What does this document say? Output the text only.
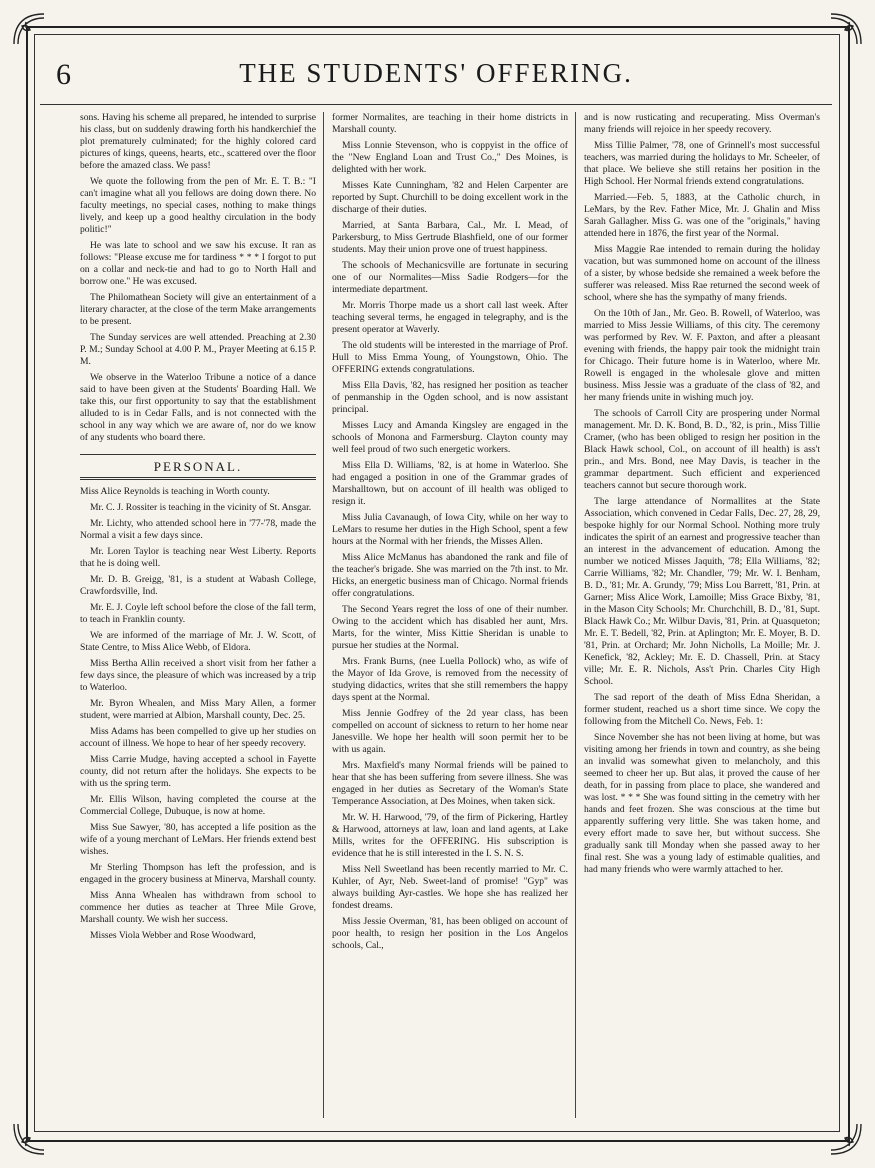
6	THE STUDENTS' OFFERING.

sons. Having his scheme all prepared, he intended to surprise his class, but on suddenly drawing forth his handkerchief the plot prematurely culminated; for the highly colored card pictures of kings, queens, hearts, etc., scattered over the floor before the amazed class. We pass!

We quote the following from the pen of Mr. E. T. B.: "I can't imagine what all you fellows are doing down there. No faculty meetings, no special cases, nothing to make things lively, and keep up a good healthy circulation in the body politic!"

He was late to school and we saw his excuse. It ran as follows: "Please excuse me for tardiness * * * I forgot to put on a collar and neck-tie and had to go to North Hall and borrow one." He was excused.

The Philomathean Society will give an entertainment of a literary character, at the close of the term Make arrangements to be present.

The Sunday services are well attended. Preaching at 2.30 P. M.; Sunday School at 4.00 P. M., Prayer Meeting at 6.15 P. M.

We observe in the Waterloo Tribune a notice of a dance said to have been given at the Students' Boarding Hall. We take this, our first opportunity to say that the establishment alluded to is in Cedar Falls, and is not connected with the school in any way which we are aware of, nor do we know of any students who board there.

PERSONAL.

Miss Alice Reynolds is teaching in Worth county.

Mr. C. J. Rossiter is teaching in the vicinity of St. Ansgar.

Mr. Lichty, who attended school here in '77-'78, made the Normal a visit a few days since.

Mr. Loren Taylor is teaching near West Liberty. Reports that he is doing well.

Mr. D. B. Greigg, '81, is a student at Wabash College, Crawfordsville, Ind.

Mr. E. J. Coyle left school before the close of the fall term, to teach in Franklin county.

We are informed of the marriage of Mr. J. W. Scott, of State Centre, to Miss Alice Webb, of Eldora.

Miss Bertha Allin received a short visit from her father a few days since, the pleasure of which was increased by a trip to Waterloo.

Mr. Byron Whealen, and Miss Mary Allen, a former student, were married at Albion, Marshall county, Dec. 25.

Miss Adams has been compelled to give up her studies on account of illness. We hope to hear of her speedy recovery.

Miss Carrie Mudge, having accepted a school in Fayette county, did not return after the holidays. She expects to be with us the spring term.

Mr. Ellis Wilson, having completed the course at the Commercial College, Dubuque, is now at home.

Miss Sue Sawyer, '80, has accepted a life position as the wife of a young merchant of LeMars. Her friends extend best wishes.

Mr Sterling Thompson has left the profession, and is engaged in the grocery business at Minerva, Marshall county.

Miss Anna Whealen has withdrawn from school to commence her duties as teacher at Three Mile Grove, Marshall county. We wish her success.

Misses Viola Webber and Rose Woodward,

former Normalites, are teaching in their home districts in Marshall county.

Miss Lonnie Stevenson, who is coppyist in the office of the "New England Loan and Trust Co.," Des Moines, is delighted with her work.

Misses Kate Cunningham, '82 and Helen Carpenter are reported by Supt. Churchill to be doing excellent work in the discharge of their duties.

Married, at Santa Barbara, Cal., Mr. L Mead, of Parkersburg, to Miss Gertrude Blashfield, one of our former students. May their union prove one of truest happiness.

The schools of Mechanicsville are fortunate in securing one of our Normalites—Miss Sadie Rodgers—for the intermediate department.

Mr. Morris Thorpe made us a short call last week. After teaching several terms, he engaged in telegraphy, and is the present operator at Waverly.

The old students will be interested in the marriage of Prof. Hull to Miss Emma Young, of Youngstown, Ohio. The OFFERING extends congratulations.

Miss Ella Davis, '82, has resigned her position as teacher of penmanship in the Ogden school, and is now assistant principal.

Misses Lucy and Amanda Kingsley are engaged in the schools of Monona and Farmersburg. Clayton county may well feel proud of two such energetic workers.

Miss Ella D. Williams, '82, is at home in Waterloo. She had engaged a position in one of the Grammar grades of Marshalltown, but on account of ill health was obliged to resign it.

Miss Julia Cavanaugh, of Iowa City, while on her way to LeMars to resume her duties in the High School, spent a few hours at the Normal with her friends, the Misses Allen.

Miss Alice McManus has abandoned the rank and file of the teacher's brigade. She was married on the 7th inst. to Mr. Hicks, an energetic business man of Chicago. Normal friends offer congratulations.

The Second Years regret the loss of one of their number. Owing to the accident which has disabled her aunt, Mrs. Marts, for the winter, Miss Kittie Sheridan is unable to pursue her studies at the Normal.

Mrs. Frank Burns, (nee Luella Pollock) who, as wife of the Mayor of Ida Grove, is removed from the necessity of studying didactics, writes that she still remembers the happy days spent at the Normal.

Miss Jennie Godfrey of the 2d year class, has been compelled on account of sickness to return to her home near Janesville. We hope her health will soon permit her to be with us again.

Mrs. Maxfield's many Normal friends will be pained to hear that she has been suffering from severe illness. She was engaged in her duties as Secretary of the Woman's State Temperance Association, at Des Moines, when taken sick.

Mr. W. H. Harwood, '79, of the firm of Pickering, Hartley & Harwood, attorneys at law, loan and land agents, at Lake Mills, writes for the OFFERING. His subscription is evidence that he is still interested in the I. S. N. S.

Miss Nell Sweetland has been recently married to Mr. C. Kuhler, of Ayr, Neb. Sweet-land of promise! "Gyp" was always building Ayr-castles. We hope she has realized her fondest dreams.

Miss Jessie Overman, '81, has been obliged on account of poor health, to resign her position in the Los Angelos schools, Cal.,

and is now rusticating and recuperating. Miss Overman's many friends will rejoice in her speedy recovery.

Miss Tillie Palmer, '78, one of Grinnell's most successful teachers, was married during the holidays to Mr. Scheeler, of that place. We believe she still retains her position in the High School. Her Normal friends extend congratulations.

Married.—Feb. 5, 1883, at the Catholic church, in LeMars, by the Rev. Father Mice, Mr. J. Ghalin and Miss Sarah Gallagher. Miss G. was one of the "originals," having attended here in 1876, the first year of the Normal.

Miss Maggie Rae intended to remain during the holiday vacation, but was summoned home on account of the illness of a sister, by whose bedside she remained a week before the sufferer was released. Miss Rae returned the second week of school, where she has the sympathy of many friends.

On the 10th of Jan., Mr. Geo. B. Rowell, of Waterloo, was married to Miss Jessie Williams, of this city. The ceremony was performed by Rev. W. F. Paxton, and after a pleasant evening with friends, the happy pair took the midnight train for Chicago. Their future home is in Waterloo, where Mr. Rowell is engaged in the wholesale glove and mitten business. Miss Jessie was a graduate of the class of '82, and her many friends unite in wishing much joy.

The schools of Carroll City are prospering under Normal management. Mr. D. K. Bond, B. D., '82, is prin., Miss Tillie Cramer, (who has been obliged to resign her position in the Black Hawk school, Col., on account of ill health) is ass't prin., and Mrs. Bond, nee May Davis, is teacher in the grammar department. Such efficient and experienced teachers cannot but secure thorough work.

The large attendance of Normallites at the State Association, which convened in Cedar Falls, Dec. 27, 28, 29, bespoke highly for our Normal School. Nothing more truly indicates the spirit of an earnest and progressive teacher than an interest in the advancement of education. Among the number we noticed Misses Jaquith, '78; Ella Williams, '82; Carrie Williams, '82; Mr. Chandler, '79; Mr. W. I. Benham, B. D., '81; Mr. A. Grundy, '79; Miss Lou Barrett, '81, Prin. at Garner; Miss Alice Work, Lamoille; Miss Grace Bixby, '81, in the Mason City Schools; Mr. Churchchill, B. D., '81, Supt. Black Hawk Co.; Mr. Wilbur Davis, '81, Prin. at Quasqueton; Mr. E. T. Bedell, '82, Prin. at Aplington; Mr. E. Moyer, B. D. '81, Prin. at Orchard; Mr. John Nicholls, La Moille; Mr. J. Kenefick, '82, Ackley; Mr. E. D. Chassell, Prin. at Stacy ville; Mr. E. R. Nichols, Ass't Prin. Charles City High School.

The sad report of the death of Miss Edna Sheridan, a former student, reached us a short time since. We copy the following from the Mitchell Co. News, Feb. 1:

Since November she has not been living at home, but was visiting among her friends in town and country, as she being an invalid was somewhat given to melancholy, and this seemed to cheer her up. But alas, it proved the cause of her death, for in passing from place to place, she wandered and was lost. * * * She was found sitting in the cemetry with her hands and feet frozen. She was conscious at the time but apparently suffering very little. She was taken home, and every effort made to save her, but without success. She gradually sank till Monday when she passed away to her final rest. She was a young lady of estimable qualities, and had many friends who were warmly attached to her.
